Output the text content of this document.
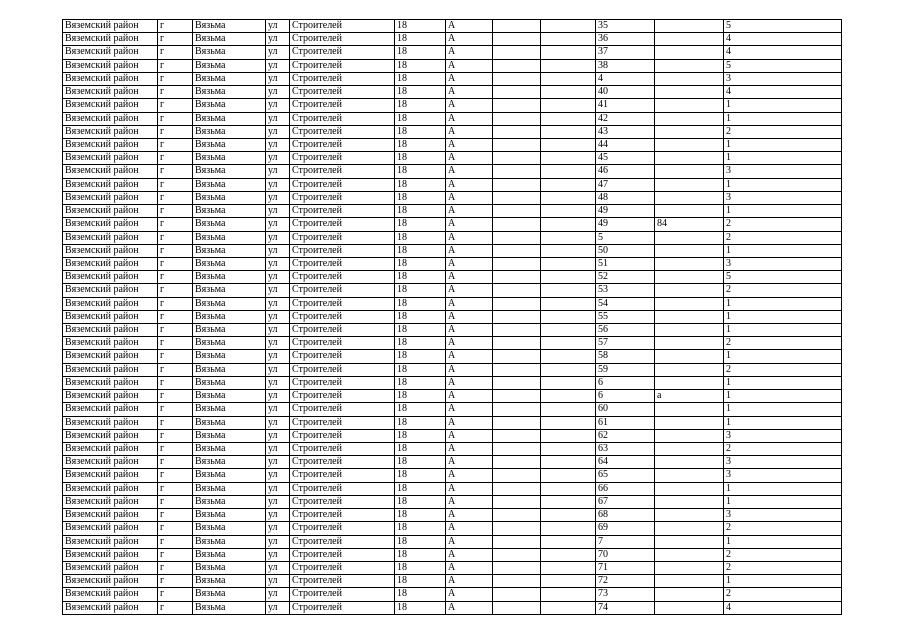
Вяземский район	г	Вязьма	ул	Строителей	18	А			35		5
Вяземский район	г	Вязьма	ул	Строителей	18	А			36		4
Вяземский район	г	Вязьма	ул	Строителей	18	А			37		4
Вяземский район	г	Вязьма	ул	Строителей	18	А			38		5
Вяземский район	г	Вязьма	ул	Строителей	18	А			4		3
Вяземский район	г	Вязьма	ул	Строителей	18	А			40		4
Вяземский район	г	Вязьма	ул	Строителей	18	А			41		1
Вяземский район	г	Вязьма	ул	Строителей	18	А			42		1
Вяземский район	г	Вязьма	ул	Строителей	18	А			43		2
Вяземский район	г	Вязьма	ул	Строителей	18	А			44		1
Вяземский район	г	Вязьма	ул	Строителей	18	А			45		1
Вяземский район	г	Вязьма	ул	Строителей	18	А			46		3
Вяземский район	г	Вязьма	ул	Строителей	18	А			47		1
Вяземский район	г	Вязьма	ул	Строителей	18	А			48		3
Вяземский район	г	Вязьма	ул	Строителей	18	А			49		1
Вяземский район	г	Вязьма	ул	Строителей	18	А			49	84	2
Вяземский район	г	Вязьма	ул	Строителей	18	А			5		2
Вяземский район	г	Вязьма	ул	Строителей	18	А			50		1
Вяземский район	г	Вязьма	ул	Строителей	18	А			51		3
Вяземский район	г	Вязьма	ул	Строителей	18	А			52		5
Вяземский район	г	Вязьма	ул	Строителей	18	А			53		2
Вяземский район	г	Вязьма	ул	Строителей	18	А			54		1
Вяземский район	г	Вязьма	ул	Строителей	18	А			55		1
Вяземский район	г	Вязьма	ул	Строителей	18	А			56		1
Вяземский район	г	Вязьма	ул	Строителей	18	А			57		2
Вяземский район	г	Вязьма	ул	Строителей	18	А			58		1
Вяземский район	г	Вязьма	ул	Строителей	18	А			59		2
Вяземский район	г	Вязьма	ул	Строителей	18	А			6		1
Вяземский район	г	Вязьма	ул	Строителей	18	А			6	а	1
Вяземский район	г	Вязьма	ул	Строителей	18	А			60		1
Вяземский район	г	Вязьма	ул	Строителей	18	А			61		1
Вяземский район	г	Вязьма	ул	Строителей	18	А			62		3
Вяземский район	г	Вязьма	ул	Строителей	18	А			63		2
Вяземский район	г	Вязьма	ул	Строителей	18	А			64		3
Вяземский район	г	Вязьма	ул	Строителей	18	А			65		3
Вяземский район	г	Вязьма	ул	Строителей	18	А			66		1
Вяземский район	г	Вязьма	ул	Строителей	18	А			67		1
Вяземский район	г	Вязьма	ул	Строителей	18	А			68		3
Вяземский район	г	Вязьма	ул	Строителей	18	А			69		2
Вяземский район	г	Вязьма	ул	Строителей	18	А			7		1
Вяземский район	г	Вязьма	ул	Строителей	18	А			70		2
Вяземский район	г	Вязьма	ул	Строителей	18	А			71		2
Вяземский район	г	Вязьма	ул	Строителей	18	А			72		1
Вяземский район	г	Вязьма	ул	Строителей	18	А			73		2
Вяземский район	г	Вязьма	ул	Строителей	18	А			74		4
